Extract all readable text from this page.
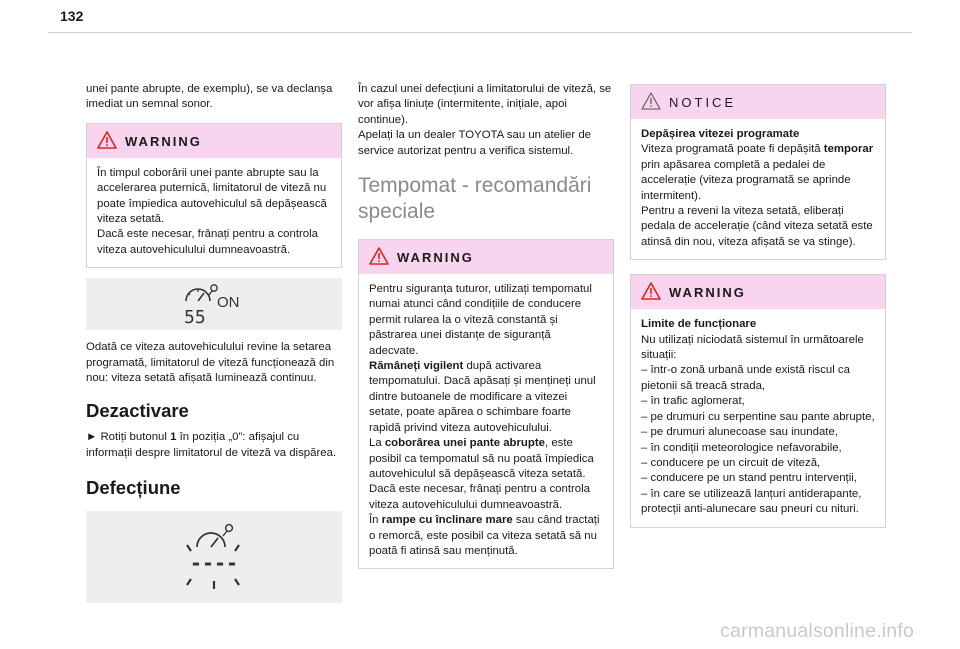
132

unei pante abrupte, de exemplu), se va declanșa imediat un semnal sonor.

WARNING

În timpul coborârii unei pante abrupte sau la accelerarea puternică, limitatorul de viteză nu poate împiedica autovehiculul să depășească viteza setată.

Dacă este necesar, frânați pentru a controla viteza autovehiculului dumneavoastră.

ON
55

Odată ce viteza autovehiculului revine la setarea programată, limitatorul de viteză funcționează din nou: viteza setată afișată luminează continuu.

Dezactivare

► Rotiți butonul 1 în poziția „0”: afișajul cu informații despre limitatorul de viteză va dispărea.

Defecțiune
----

În cazul unei defecțiuni a limitatorului de viteză, se vor afișa liniuțe (intermitente, inițiale, apoi continue).

Apelați la un dealer TOYOTA sau un atelier de service autorizat pentru a verifica sistemul.

Tempomat - recomandări speciale
WARNING

Pentru siguranța tuturor, utilizați tempomatul numai atunci când condițiile de conducere permit rularea la o viteză constantă și păstrarea unei distanțe de siguranță adecvate.

Rămâneți vigilent după activarea tempomatului. Dacă apăsați și mențineți unul dintre butoanele de modificare a vitezei setate, poate apărea o schimbare foarte rapidă privind viteza autovehiculului.

La coborârea unei pante abrupte, este posibil ca tempomatul să nu poată împiedica autovehiculul să depășească viteza setată. Dacă este necesar, frânați pentru a controla viteza autovehiculului dumneavoastră.

În rampe cu înclinare mare sau când tractați o remorcă, este posibil ca viteza setată să nu poată fi atinsă sau menținută.

NOTICE

Depășirea vitezei programate

Viteza programată poate fi depășită temporar prin apăsarea completă a pedalei de accelerație (viteza programată se aprinde intermitent).

Pentru a reveni la viteza setată, eliberați pedala de accelerație (când viteza setată este atinsă din nou, viteza afișată se va stinge).

WARNING

Limite de funcționare

Nu utilizați niciodată sistemul în următoarele situații:

– într-o zonă urbană unde există riscul ca pietonii să treacă strada,

– în trafic aglomerat,

– pe drumuri cu serpentine sau pante abrupte,

– pe drumuri alunecoase sau inundate,

– în condiții meteorologice nefavorabile,

– conducere pe un circuit de viteză,

– conducere pe un stand pentru intervenții,

– în care se utilizează lanțuri antiderapante, protecții anti-alunecare sau pneuri cu nituri.

carmanualsonline.info
